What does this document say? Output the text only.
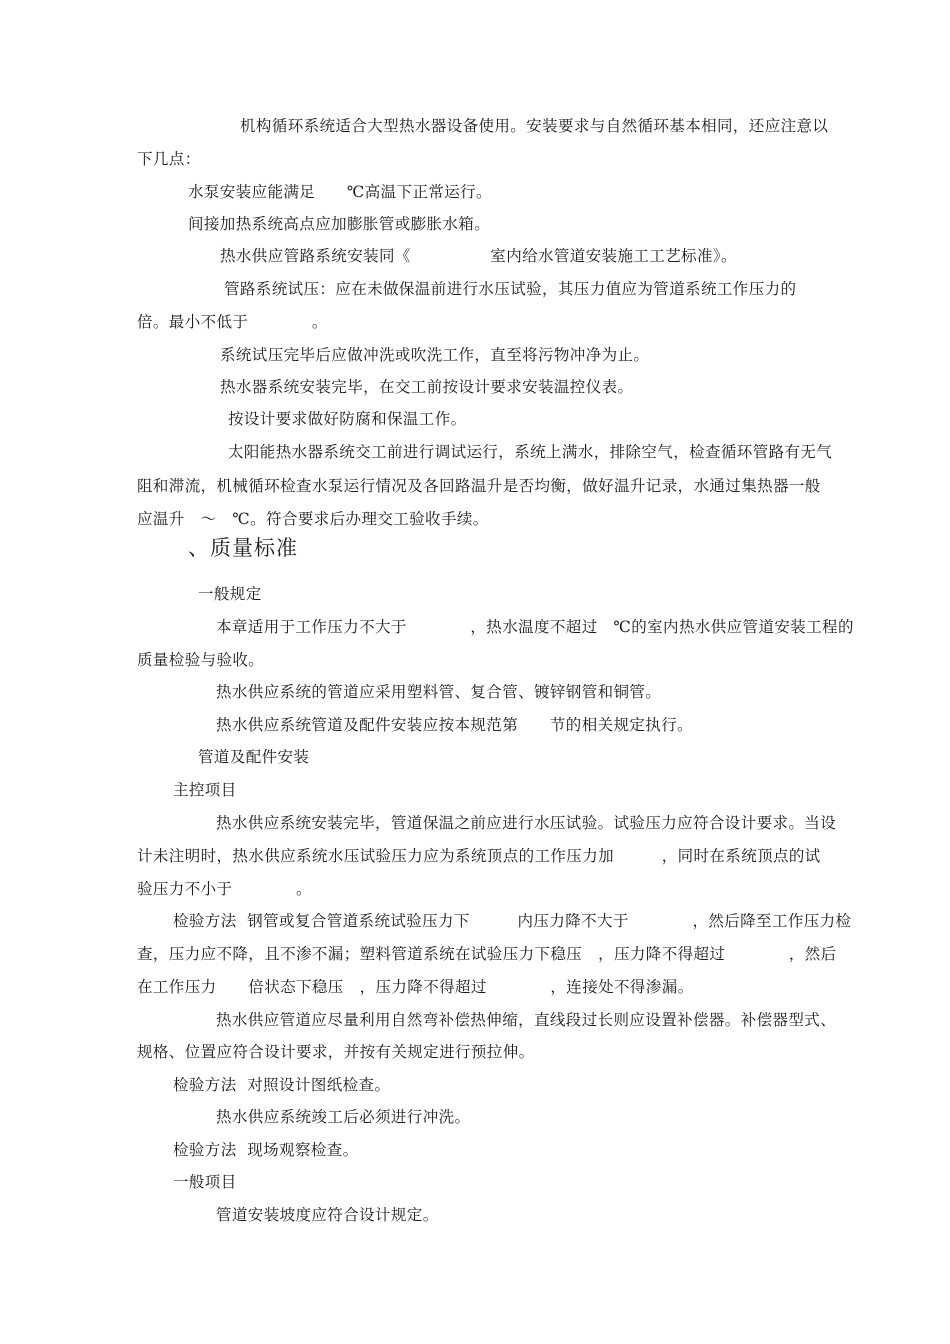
机构循环系统适合大型热水器设备使用。安装要求与自然循环基本相同，还应注意以

下几点：

水泵安装应能满足　　℃高温下正常运行。

间接加热系统高点应加膨胀管或膨胀水箱。

热水供应管路系统安装同《　　　　　室内给水管道安装施工工艺标准》。

管路系统试压：应在未做保温前进行水压试验，其压力值应为管道系统工作压力的

倍。最小不低于　　　　。

系统试压完毕后应做冲洗或吹洗工作，直至将污物冲净为止。

热水器系统安装完毕，在交工前按设计要求安装温控仪表。

按设计要求做好防腐和保温工作。

太阳能热水器系统交工前进行调试运行，系统上满水，排除空气，检查循环管路有无气

阻和滞流，机械循环检查水泵运行情况及各回路温升是否均衡，做好温升记录，水通过集热器一般

应温升　～　℃。符合要求后办理交工验收手续。

、质量标准

一般规定

本章适用于工作压力不大于　　　　，热水温度不超过　℃的室内热水供应管道安装工程的

质量检验与验收。

热水供应系统的管道应采用塑料管、复合管、镀锌钢管和铜管。

热水供应系统管道及配件安装应按本规范第　　节的相关规定执行。

管道及配件安装

主控项目

热水供应系统安装完毕，管道保温之前应进行水压试验。试验压力应符合设计要求。当设

计未注明时，热水供应系统水压试验压力应为系统顶点的工作压力加　　　，同时在系统顶点的试

验压力不小于　　　　。

检验方法  钢管或复合管道系统试验压力下　　　内压力降不大于　　　　，然后降至工作压力检

查，压力应不降，且不渗不漏；塑料管道系统在试验压力下稳压　，压力降不得超过　　　　，然后

在工作压力　　倍状态下稳压　，压力降不得超过　　　　，连接处不得渗漏。

热水供应管道应尽量利用自然弯补偿热伸缩，直线段过长则应设置补偿器。补偿器型式、

规格、位置应符合设计要求，并按有关规定进行预拉伸。

检验方法  对照设计图纸检查。

热水供应系统竣工后必须进行冲洗。

检验方法  现场观察检查。

一般项目

管道安装坡度应符合设计规定。
